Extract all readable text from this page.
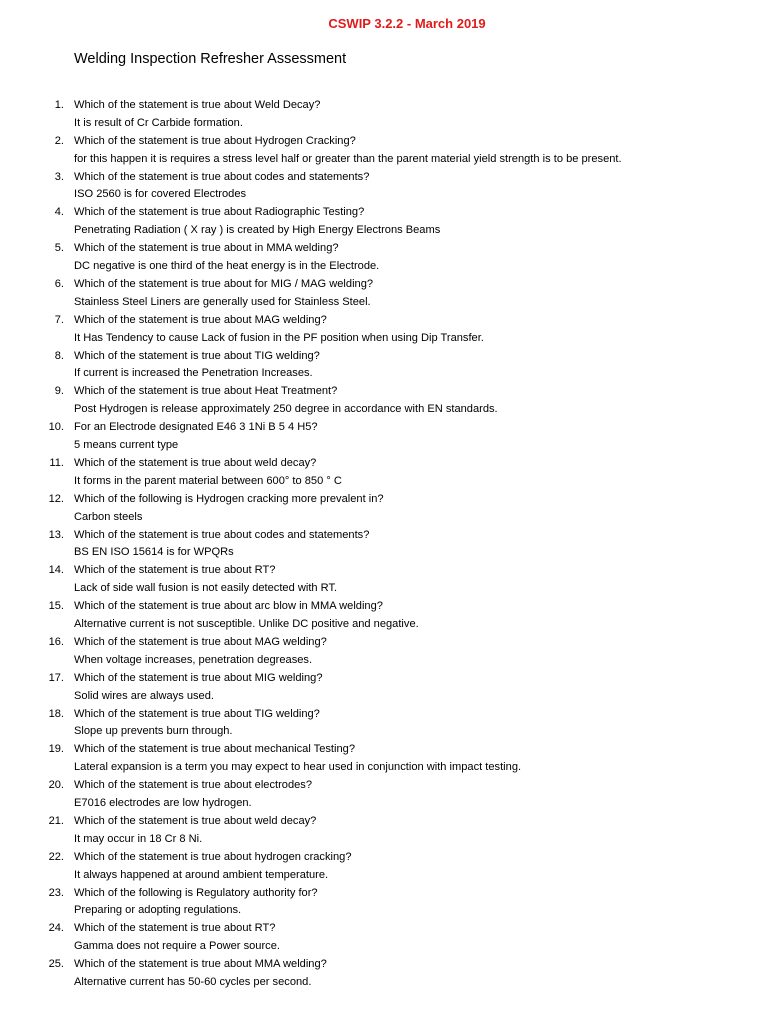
CSWIP 3.2.2 - March 2019
Welding Inspection Refresher Assessment
1. Which of the statement is true about Weld Decay?
It is result of Cr Carbide formation.
2. Which of the statement is true about Hydrogen Cracking?
for this happen it is requires a stress level half or greater than the parent material yield strength is to be present.
3. Which of the statement is true about codes and statements?
ISO 2560 is for covered Electrodes
4. Which of the statement is true about Radiographic Testing?
Penetrating Radiation ( X ray ) is created by High Energy Electrons Beams
5. Which of the statement is true about in MMA welding?
DC negative is one third of the heat energy is in the Electrode.
6. Which of the statement is true about for MIG / MAG welding?
Stainless Steel Liners are generally used for Stainless Steel.
7. Which of the statement is true about MAG welding?
It Has Tendency to cause Lack of fusion in the PF position when using Dip Transfer.
8. Which of the statement is true about TIG welding?
If current is increased the Penetration Increases.
9. Which of the statement is true about Heat Treatment?
Post Hydrogen is release approximately 250 degree in accordance with EN standards.
10. For an Electrode designated E46 3 1Ni B 5 4 H5?
5 means current type
11. Which of the statement is true about weld decay?
It forms in the parent material between 600° to 850 ° C
12. Which of the following is Hydrogen cracking more prevalent in?
Carbon steels
13. Which of the statement is true about codes and statements?
BS EN ISO 15614 is for WPQRs
14. Which of the statement is true about RT?
Lack of side wall fusion is not easily detected with RT.
15. Which of the statement is true about arc blow in MMA welding?
Alternative current is not susceptible. Unlike DC positive and negative.
16. Which of the statement is true about MAG welding?
When voltage increases, penetration degreases.
17. Which of the statement is true about MIG welding?
Solid wires are always used.
18. Which of the statement is true about TIG welding?
Slope up prevents burn through.
19. Which of the statement is true about mechanical Testing?
Lateral expansion is a term you may expect to hear used in conjunction with impact testing.
20. Which of the statement is true about electrodes?
E7016 electrodes are low hydrogen.
21. Which of the statement is true about weld decay?
It may occur in 18 Cr 8 Ni.
22. Which of the statement is true about hydrogen cracking?
It always happened at around ambient temperature.
23. Which of the following is Regulatory authority for?
Preparing or adopting regulations.
24. Which of the statement is true about RT?
Gamma does not require a Power source.
25. Which of the statement is true about MMA welding?
Alternative current has 50-60 cycles per second.
